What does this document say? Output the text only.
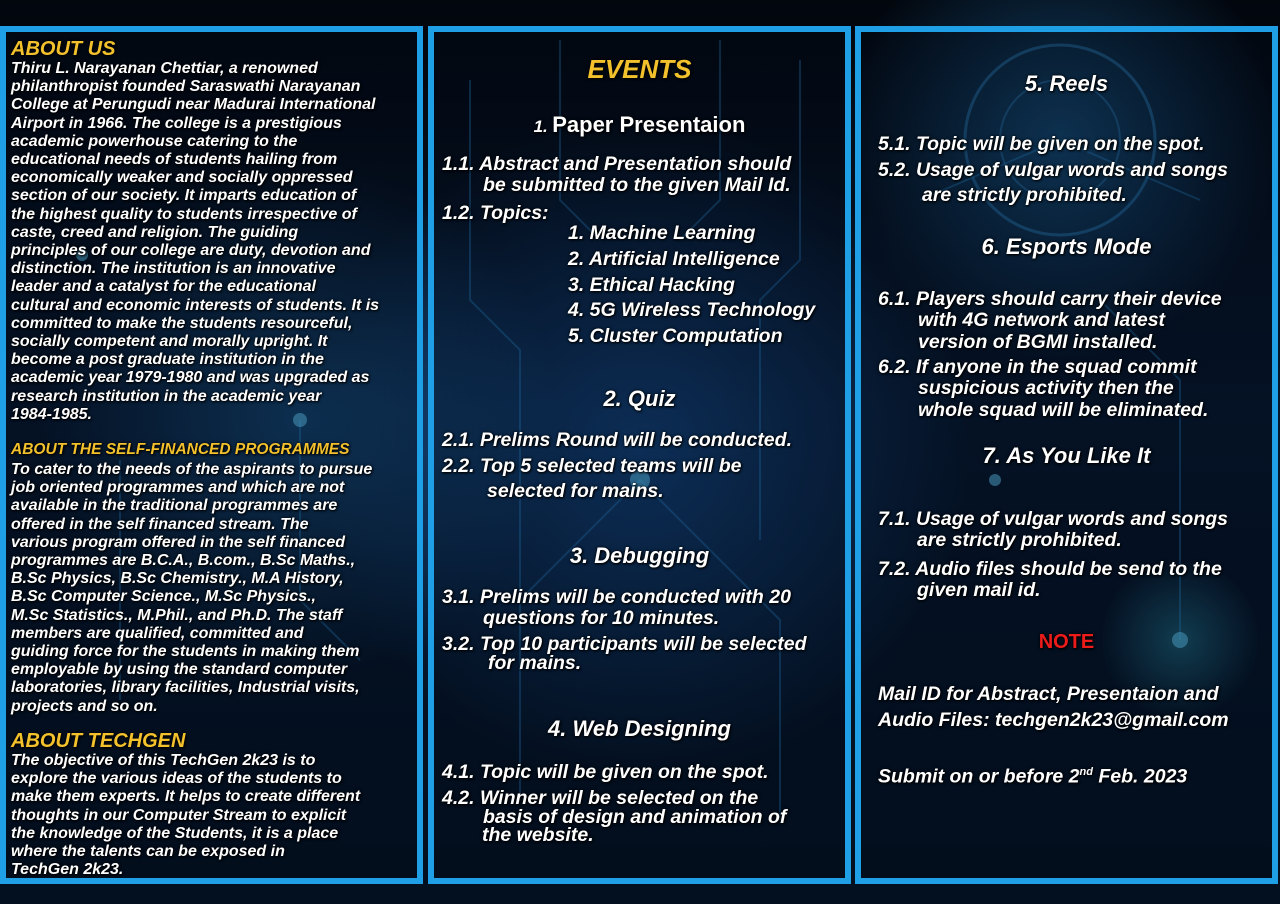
ABOUT US
Thiru L. Narayanan Chettiar, a renowned
philanthropist founded Saraswathi Narayanan
College at Perungudi near Madurai International
Airport in 1966. The college is a prestigious
academic powerhouse catering to the
educational needs of students hailing from
economically weaker and socially oppressed
section of our society. It imparts education of
the highest quality to students irrespective of
caste, creed and religion. The guiding
principles of our college are duty, devotion and
distinction. The institution is an innovative
leader and a catalyst for the educational
cultural and economic interests of students. It is
committed to make the students resourceful,
socially competent and morally upright. It
become a post graduate institution in the
academic year 1979-1980 and was upgraded as
research institution in the academic year
1984-1985.
ABOUT THE SELF-FINANCED PROGRAMMES
To cater to the needs of the aspirants to pursue
job oriented programmes and which are not
available in the traditional programmes are
offered in the self financed stream. The
various program offered in the self financed
programmes are B.C.A., B.com., B.Sc Maths.,
B.Sc Physics, B.Sc Chemistry., M.A History,
B.Sc Computer Science., M.Sc Physics.,
M.Sc Statistics., M.Phil., and Ph.D. The staff
members are qualified, committed and
guiding force for the students in making them
employable by using the standard computer
laboratories, library facilities, Industrial visits,
projects and so on.
ABOUT TECHGEN
The objective of this TechGen 2k23 is to
explore the various ideas of the students to
make them experts. It helps to create different
thoughts in our Computer Stream to explicit
the knowledge of the Students, it is a place
where the talents can be exposed in
TechGen 2k23.
EVENTS
1. Paper Presentaion
1.1. Abstract and Presentation should
be submitted to the given Mail Id.
1.2. Topics:
1. Machine Learning
2. Artificial Intelligence
3. Ethical Hacking
4. 5G Wireless Technology
5. Cluster Computation
2. Quiz
2.1. Prelims Round will be conducted.
2.2. Top 5 selected teams will be
selected for mains.
3. Debugging
3.1. Prelims will be conducted with 20
questions for 10 minutes.
3.2. Top 10 participants will be selected
for mains.
4. Web Designing
4.1. Topic will be given on the spot.
4.2. Winner will be selected on the
basis of design and animation of
the website.
5. Reels
5.1. Topic will be given on the spot.
5.2. Usage of vulgar words and songs
are strictly prohibited.
6. Esports Mode
6.1. Players should carry their device
with 4G network and latest
version of BGMI installed.
6.2. If anyone in the squad commit
suspicious activity then the
whole squad will be eliminated.
7. As You Like It
7.1. Usage of vulgar words and songs
are strictly prohibited.
7.2. Audio files should be send to the
given mail id.
NOTE
Mail ID for Abstract, Presentaion and
Audio Files: techgen2k23@gmail.com
Submit on or before 2nd Feb. 2023
